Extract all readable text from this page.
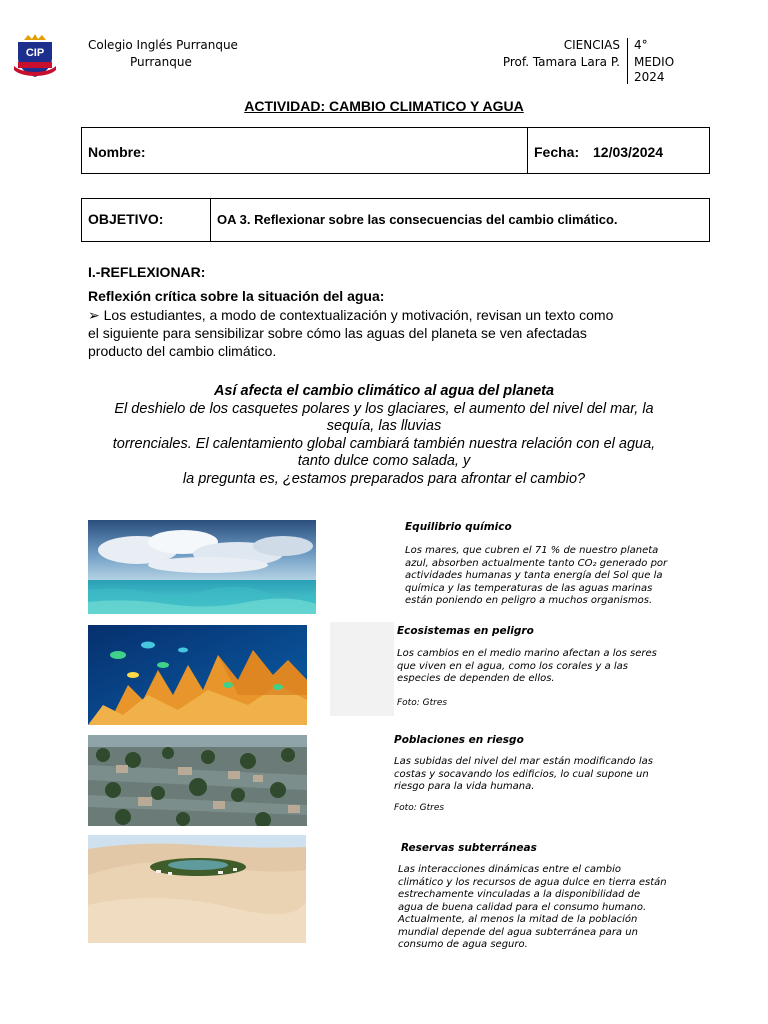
CIP
Colegio Inglés Purranque
Purranque
CIENCIAS
Prof. Tamara Lara P.
4°
MEDIO
2024
ACTIVIDAD: CAMBIO CLIMATICO Y AGUA
Nombre:	Fecha: 12/03/2024
OBJETIVO:	OA 3. Reflexionar sobre las consecuencias del cambio climático.
I.-REFLEXIONAR:
Reflexión crítica sobre la situación del agua:
➢ Los estudiantes, a modo de contextualización y motivación, revisan un texto como
el siguiente para sensibilizar sobre cómo las aguas del planeta se ven afectadas
producto del cambio climático.
Así afecta el cambio climático al agua del planeta
El deshielo de los casquetes polares y los glaciares, el aumento del nivel del mar, la
sequía, las lluvias
torrenciales. El calentamiento global cambiará también nuestra relación con el agua,
tanto dulce como salada, y
la pregunta es, ¿estamos preparados para afrontar el cambio?
Equilibrio químico
Los mares, que cubren el 71 % de nuestro planeta
azul, absorben actualmente tanto CO₂ generado por
actividades humanas y tanta energía del Sol que la
química y las temperaturas de las aguas marinas
están poniendo en peligro a muchos organismos.
Ecosistemas en peligro
Los cambios en el medio marino afectan a los seres
que viven en el agua, como los corales y a las
especies de dependen de ellos.
Foto: Gtres
Poblaciones en riesgo
Las subidas del nivel del mar están modificando las
costas y socavando los edificios, lo cual supone un
riesgo para la vida humana.
Foto: Gtres
Reservas subterráneas
Las interacciones dinámicas entre el cambio
climático y los recursos de agua dulce en tierra están
estrechamente vinculadas a la disponibilidad de
agua de buena calidad para el consumo humano.
Actualmente, al menos la mitad de la población
mundial depende del agua subterránea para un
consumo de agua seguro.
